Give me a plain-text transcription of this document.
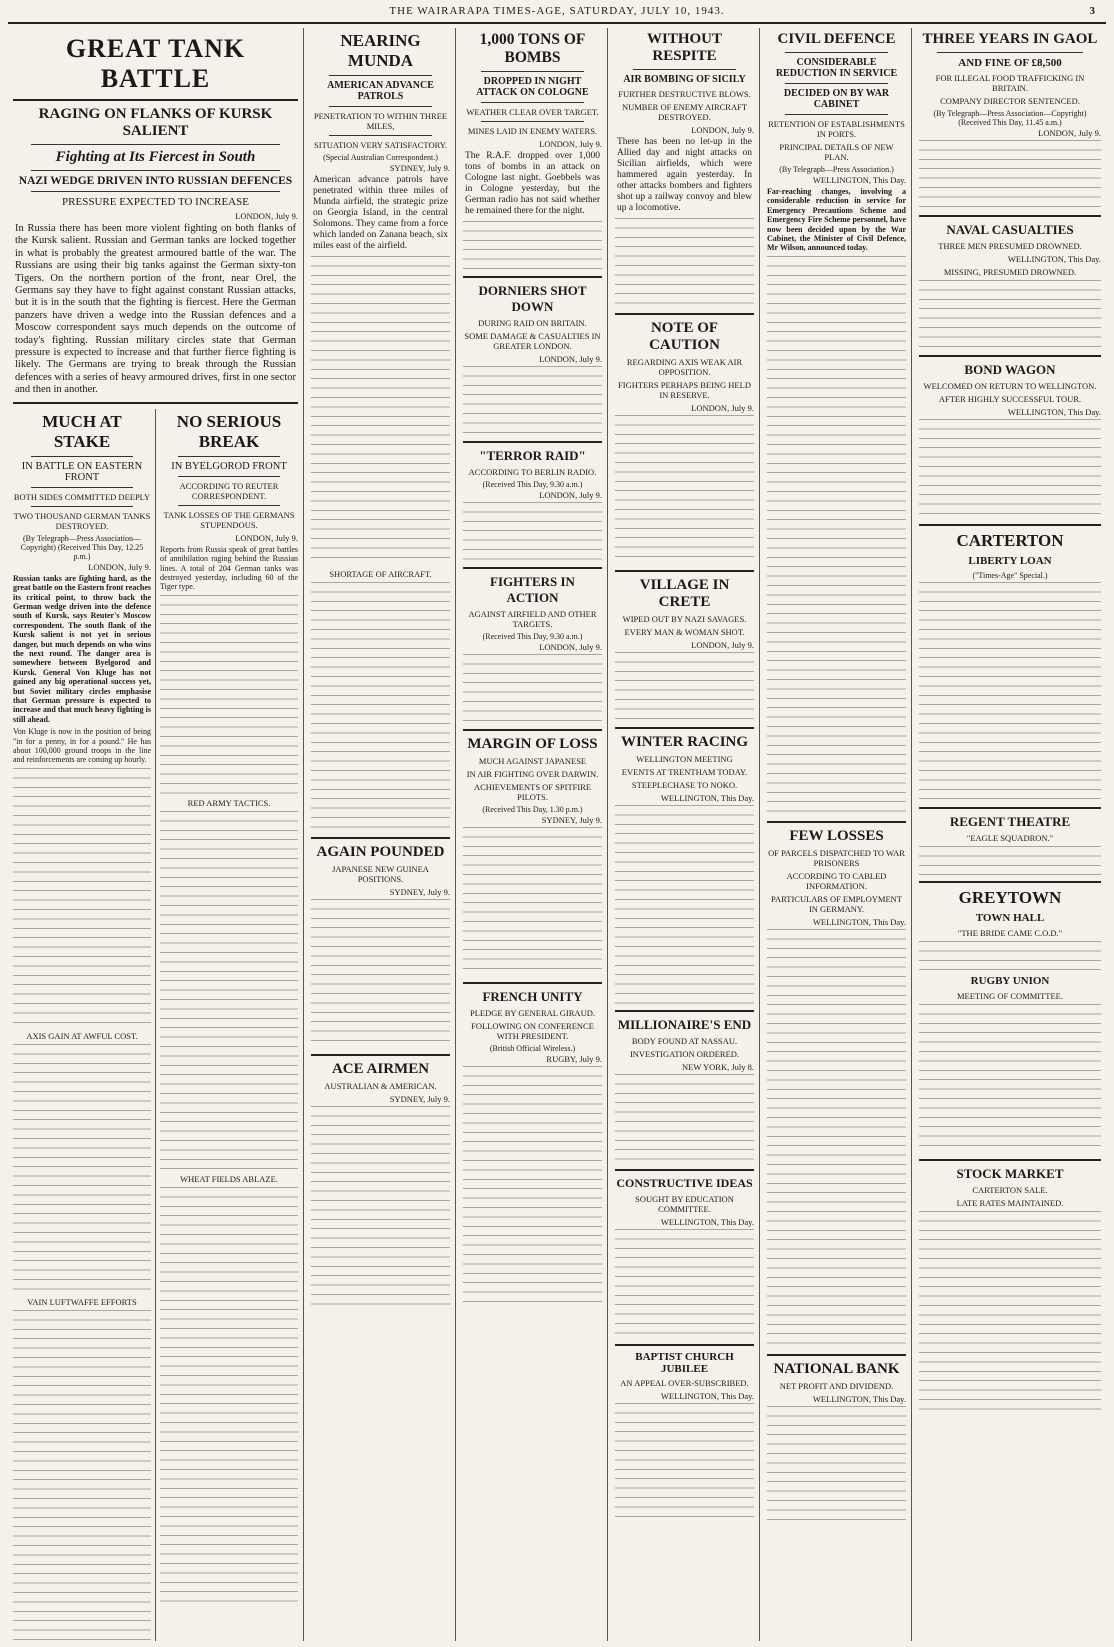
THE WAIRARAPA TIMES-AGE, SATURDAY, JULY 10, 1943.	3
GREAT TANK BATTLE
RAGING ON FLANKS OF KURSK SALIENT
Fighting at Its Fiercest in South
NAZI WEDGE DRIVEN INTO RUSSIAN DEFENCES
PRESSURE EXPECTED TO INCREASE
LONDON, July 9.

In Russia there has been more violent fighting on both flanks of the Kursk salient. Russian and German tanks are locked together in what is probably the greatest armoured battle of the war. The Russians are using their big tanks against the German sixty-ton Tigers. On the northern portion of the front, near Orel, the Germans say they have to fight against constant Russian attacks, but it is in the south that the fighting is fiercest. Here the German panzers have driven a wedge into the Russian defences and a Moscow correspondent says much depends on the outcome of today's fighting. Russian military circles state that German pressure is expected to increase and that further fierce fighting is likely. The Germans are trying to break through the Russian defences with a series of heavy armoured drives, first in one sector and then in another.

MUCH AT STAKE
IN BATTLE ON EASTERN FRONT
BOTH SIDES COMMITTED DEEPLY
TWO THOUSAND GERMAN TANKS DESTROYED.
(By Telegraph—Press Association—Copyright) (Received This Day, 12.25 p.m.)
LONDON, July 9.

Russian tanks are fighting hard, as the great battle on the Eastern front reaches its critical point, to throw back the German wedge driven into the defence south of Kursk, says Reuter's Moscow correspondent. The south flank of the Kursk salient is not yet in serious danger, but much depends on who wins the next round. The danger area is somewhere between Byelgorod and Kursk. General Von Kluge has not gained any big operational success yet, but Soviet military circles emphasise that German pressure is expected to increase and that much heavy fighting is still ahead.

Von Kluge is now in the position of being "in for a penny, in for a pound." He has about 100,000 ground troops in the line and reinforcements are coming up hourly.

AXIS GAIN AT AWFUL COST.
VAIN LUFTWAFFE EFFORTS
NO SERIOUS BREAK
IN BYELGOROD FRONT
ACCORDING TO REUTER CORRESPONDENT.
TANK LOSSES OF THE GERMANS STUPENDOUS.
LONDON, July 9.

Reports from Russia speak of great battles of annihilation raging behind the Russian lines. A total of 204 German tanks was destroyed yesterday, including 60 of the Tiger type.

RED ARMY TACTICS.
WHEAT FIELDS ABLAZE.
NEARING MUNDA
AMERICAN ADVANCE PATROLS
PENETRATION TO WITHIN THREE MILES,
SITUATION VERY SATISFACTORY.
(Special Australian Correspondent.)
SYDNEY, July 9.

American advance patrols have penetrated within three miles of Munda airfield, the strategic prize on Georgia Island, in the central Solomons. They came from a force which landed on Zanana beach, six miles east of the airfield.

SHORTAGE OF AIRCRAFT.
AGAIN POUNDED
JAPANESE NEW GUINEA POSITIONS.
SYDNEY, July 9.
ACE AIRMEN
AUSTRALIAN & AMERICAN.
SYDNEY, July 9.
1,000 TONS OF BOMBS
DROPPED IN NIGHT ATTACK ON COLOGNE
WEATHER CLEAR OVER TARGET.
MINES LAID IN ENEMY WATERS.
LONDON, July 9.

The R.A.F. dropped over 1,000 tons of bombs in an attack on Cologne last night. Goebbels was in Cologne yesterday, but the German radio has not said whether he remained there for the night.

DORNIERS SHOT DOWN
DURING RAID ON BRITAIN.
SOME DAMAGE & CASUALTIES IN GREATER LONDON.
LONDON, July 9.
"TERROR RAID"
ACCORDING TO BERLIN RADIO.
(Received This Day, 9.30 a.m.)
LONDON, July 9.
FIGHTERS IN ACTION
AGAINST AIRFIELD AND OTHER TARGETS.
(Received This Day, 9.30 a.m.)
LONDON, July 9.
MARGIN OF LOSS
MUCH AGAINST JAPANESE
IN AIR FIGHTING OVER DARWIN.
ACHIEVEMENTS OF SPITFIRE PILOTS.
(Received This Day, 1.30 p.m.)
SYDNEY, July 9.
FRENCH UNITY
PLEDGE BY GENERAL GIRAUD.
FOLLOWING ON CONFERENCE WITH PRESIDENT.
(British Official Wireless.)
RUGBY, July 9.
WITHOUT RESPITE
AIR BOMBING OF SICILY
FURTHER DESTRUCTIVE BLOWS.
NUMBER OF ENEMY AIRCRAFT DESTROYED.
LONDON, July 9.

There has been no let-up in the Allied day and night attacks on Sicilian airfields, which were hammered again yesterday. In other attacks bombers and fighters shot up a railway convoy and blew up a locomotive.

NOTE OF CAUTION
REGARDING AXIS WEAK AIR OPPOSITION.
FIGHTERS PERHAPS BEING HELD IN RESERVE.
LONDON, July 9.
VILLAGE IN CRETE
WIPED OUT BY NAZI SAVAGES.
EVERY MAN & WOMAN SHOT.
LONDON, July 9.
WINTER RACING
WELLINGTON MEETING
EVENTS AT TRENTHAM TODAY.
STEEPLECHASE TO NOKO.
WELLINGTON, This Day.
MILLIONAIRE'S END
BODY FOUND AT NASSAU.
INVESTIGATION ORDERED.
NEW YORK, July 8.
CONSTRUCTIVE IDEAS
SOUGHT BY EDUCATION COMMITTEE.
WELLINGTON, This Day.
BAPTIST CHURCH JUBILEE
AN APPEAL OVER-SUBSCRIBED.
WELLINGTON, This Day.
CIVIL DEFENCE
CONSIDERABLE REDUCTION IN SERVICE
DECIDED ON BY WAR CABINET
RETENTION OF ESTABLISHMENTS IN PORTS.
PRINCIPAL DETAILS OF NEW PLAN.
(By Telegraph—Press Association.)
WELLINGTON, This Day.

Far-reaching changes, involving a considerable reduction in service for Emergency Precautions Scheme and Emergency Fire Scheme personnel, have now been decided upon by the War Cabinet, the Minister of Civil Defence, Mr Wilson, announced today.

FEW LOSSES
OF PARCELS DISPATCHED TO WAR PRISONERS
ACCORDING TO CABLED INFORMATION.
PARTICULARS OF EMPLOYMENT IN GERMANY.
WELLINGTON, This Day.
NATIONAL BANK
NET PROFIT AND DIVIDEND.
WELLINGTON, This Day.
THREE YEARS IN GAOL
AND FINE OF £8,500
FOR ILLEGAL FOOD TRAFFICKING IN BRITAIN.
COMPANY DIRECTOR SENTENCED.
(By Telegraph—Press Association—Copyright) (Received This Day, 11.45 a.m.)
LONDON, July 9.
NAVAL CASUALTIES
THREE MEN PRESUMED DROWNED.
WELLINGTON, This Day.
MISSING, PRESUMED DROWNED.
BOND WAGON
WELCOMED ON RETURN TO WELLINGTON.
AFTER HIGHLY SUCCESSFUL TOUR.
WELLINGTON, This Day.
CARTERTON
LIBERTY LOAN
("Times-Age" Special.)
REGENT THEATRE
"EAGLE SQUADRON."
GREYTOWN
TOWN HALL
"THE BRIDE CAME C.O.D."
RUGBY UNION
MEETING OF COMMITTEE.
STOCK MARKET
CARTERTON SALE.
LATE RATES MAINTAINED.
